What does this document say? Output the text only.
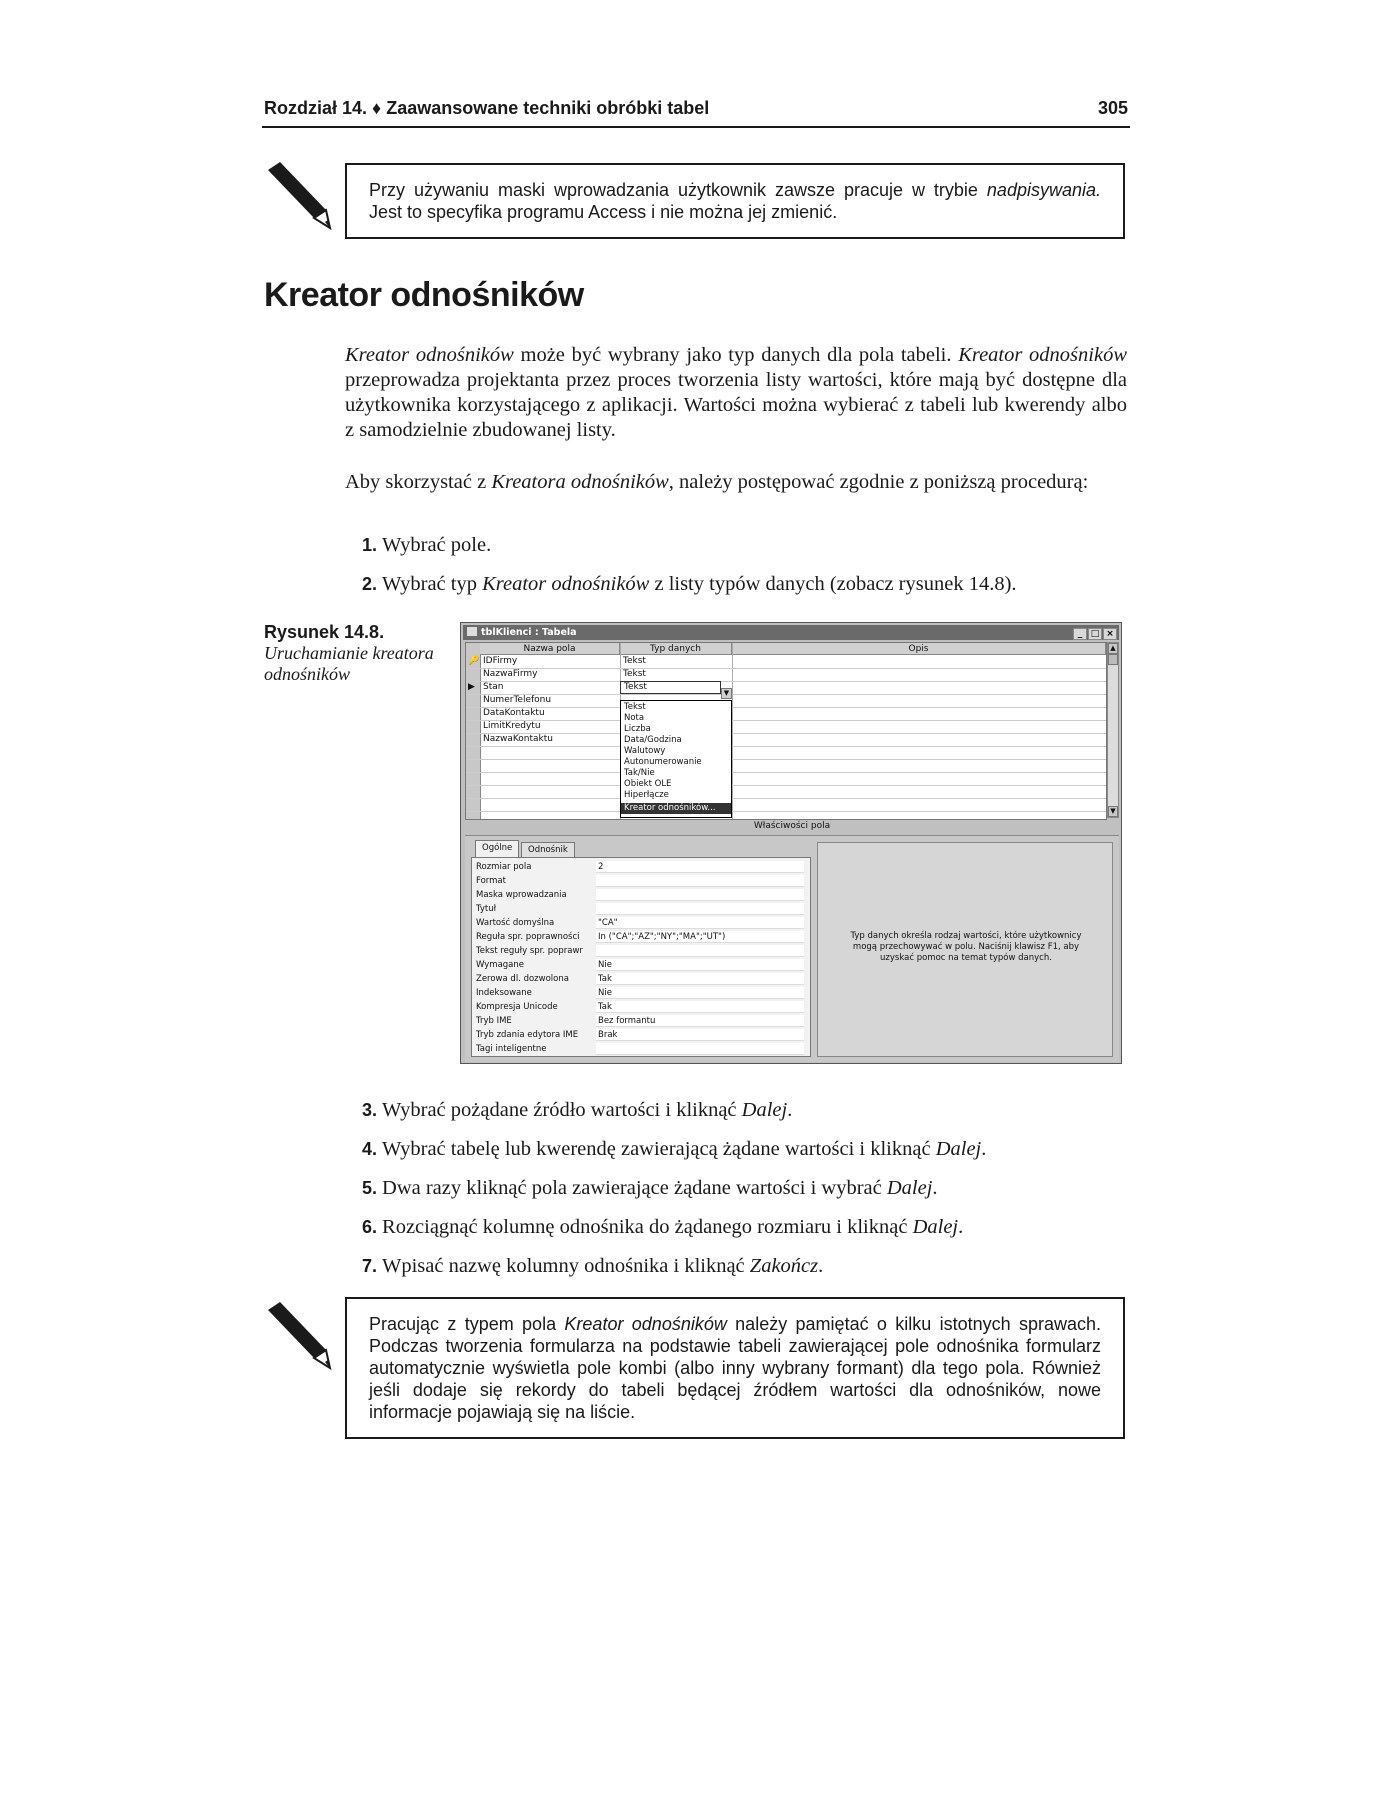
Rozdział 14. ♦ Zaawansowane techniki obróbki tabel	305
Przy używaniu maski wprowadzania użytkownik zawsze pracuje w trybie nadpisywania. Jest to specyfika programu Access i nie można jej zmienić.
Kreator odnośników
Kreator odnośników może być wybrany jako typ danych dla pola tabeli. Kreator odnośników przeprowadza projektanta przez proces tworzenia listy wartości, które mają być dostępne dla użytkownika korzystającego z aplikacji. Wartości można wybierać z tabeli lub kwerendy albo z samodzielnie zbudowanej listy.
Aby skorzystać z Kreatora odnośników, należy postępować zgodnie z poniższą procedurą:
1. Wybrać pole.
2. Wybrać typ Kreator odnośników z listy typów danych (zobacz rysunek 14.8).
Rysunek 14.8.
Uruchamianie kreatora odnośników
tblKlienci : Tabela	_ □ ×
Nazwa pola	Typ danych	Opis
🔑 IDFirmy	Tekst
NazwaFirmy	Tekst
▶ Stan	Tekst
NumerTelefonu
DataKontaktu
LimitKredytu
NazwaKontaktu
▼
Tekst
Nota
Liczba
Data/Godzina
Walutowy
Autonumerowanie
Tak/Nie
Obiekt OLE
Hiperłącze
Kreator odnośników...
▲
▼
Właściwości pola
Ogólne	Odnośnik
Rozmiar pola	2
Format
Maska wprowadzania
Tytuł
Wartość domyślna	"CA"
Reguła spr. poprawności	In ("CA";"AZ";"NY";"MA";"UT")
Tekst reguły spr. poprawr
Wymagane	Nie
Zerowa dl. dozwolona	Tak
Indeksowane	Nie
Kompresja Unicode	Tak
Tryb IME	Bez formantu
Tryb zdania edytora IME	Brak
Tagi inteligentne
Typ danych określa rodzaj wartości, które użytkownicy mogą przechowywać w polu. Naciśnij klawisz F1, aby uzyskać pomoc na temat typów danych.
3. Wybrać pożądane źródło wartości i kliknąć Dalej.
4. Wybrać tabelę lub kwerendę zawierającą żądane wartości i kliknąć Dalej.
5. Dwa razy kliknąć pola zawierające żądane wartości i wybrać Dalej.
6. Rozciągnąć kolumnę odnośnika do żądanego rozmiaru i kliknąć Dalej.
7. Wpisać nazwę kolumny odnośnika i kliknąć Zakończ.
Pracując z typem pola Kreator odnośników należy pamiętać o kilku istotnych sprawach. Podczas tworzenia formularza na podstawie tabeli zawierającej pole odnośnika formularz automatycznie wyświetla pole kombi (albo inny wybrany formant) dla tego pola. Również jeśli dodaje się rekordy do tabeli będącej źródłem wartości dla odnośników, nowe informacje pojawiają się na liście.
